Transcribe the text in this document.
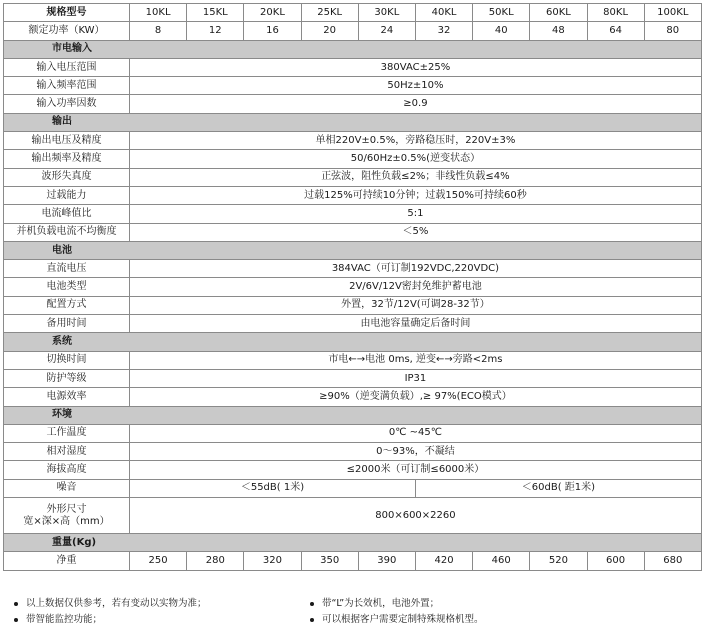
规格型号	10KL	15KL	20KL	25KL	30KL	40KL	50KL	60KL	80KL	100KL
额定功率（KW）	8	12	16	20	24	32	40	48	64	80
市电输入										
输入电压范围	380VAC±25%									
输入频率范围	50Hz±10%									
输入功率因数	≥0.9									
输出										
输出电压及精度	单相220V±0.5%，旁路稳压时，220V±3%									
输出频率及精度	50/60Hz±0.5%(逆变状态）									
波形失真度	正弦波，阻性负载≤2%；非线性负载≤4%									
过载能力	过载125%可持续10分钟；过载150%可持续60秒									
电流峰值比	5:1									
并机负载电流不均衡度	＜5%									
电池										
直流电压	384VAC（可订制192VDC,220VDC)									
电池类型	2V/6V/12V密封免维护蓄电池									
配置方式	外置，32节/12V(可调28-32节）									
备用时间	由电池容量确定后备时间									
系统										
切换时间	市电←→电池 0ms, 逆变←→旁路<2ms									
防护等级	IP31									
电源效率	≥90%（逆变满负载）,≥ 97%(ECO模式）									
环境										
工作温度	0℃ ~45℃									
相对湿度	0～93%，不凝结									
海拔高度	≤2000米（可订制≤6000米）									
噪音	＜55dB( 1米)					＜60dB( 距1米)				

外形尺寸
宽×深×高（mm）	800×600×2260									
重量(Kg)										
净重	250	280	320	350	390	420	460	520	600	680
以上数据仅供参考，若有变动以实物为准；	带“L”为长效机，电池外置；
带智能监控功能；	可以根据客户需要定制特殊规格机型。
